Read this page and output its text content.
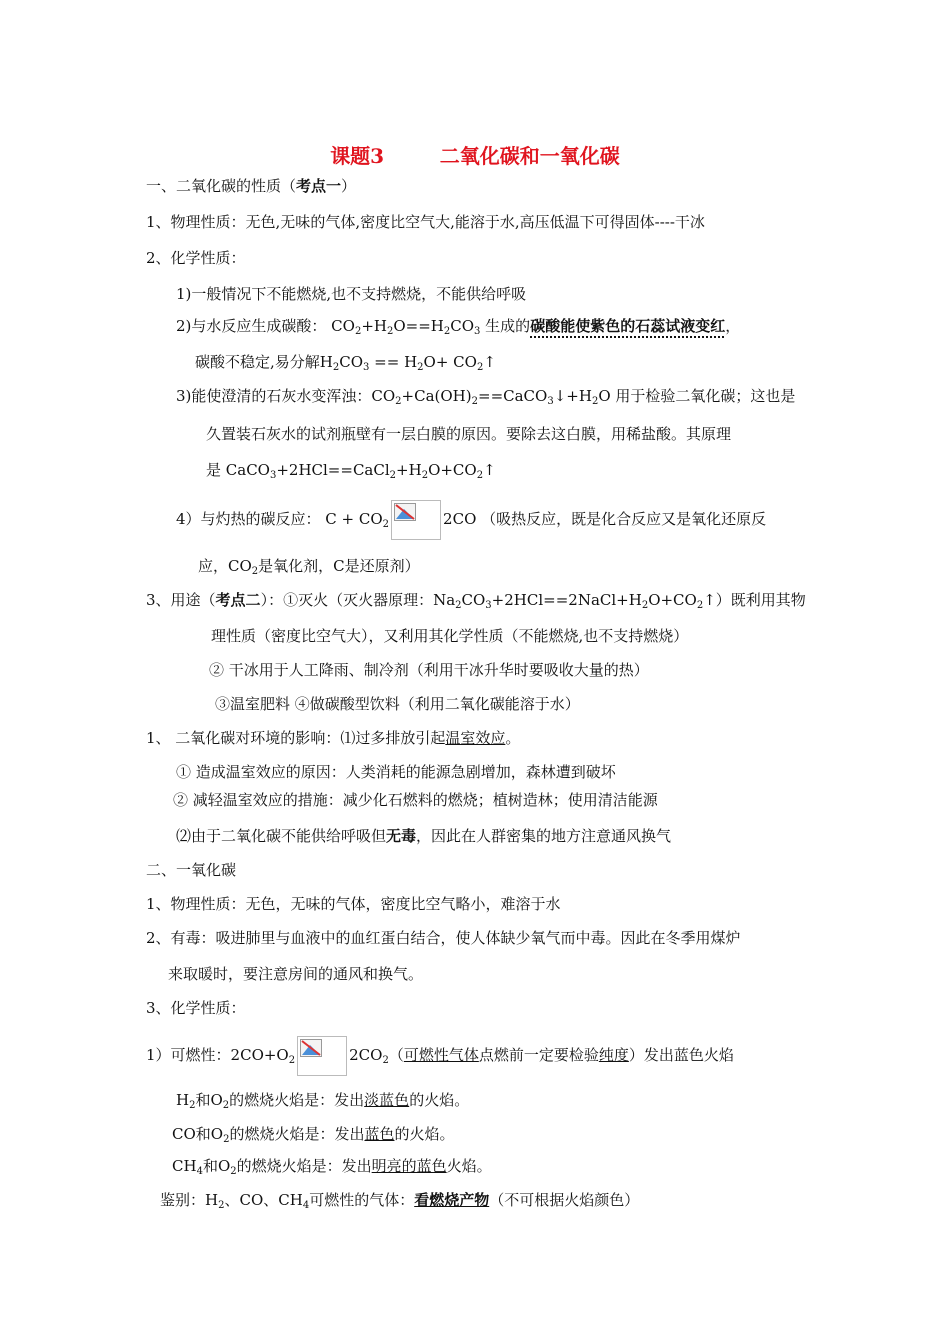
课题3        二氧化碳和一氧化碳
一、二氧化碳的性质（考点一）
1、物理性质：无色,无味的气体,密度比空气大,能溶于水,高压低温下可得固体----干冰
2、化学性质：
1)一般情况下不能燃烧,也不支持燃烧，不能供给呼吸
2)与水反应生成碳酸： $CO_2+H_2O==H_2CO_3$ 生成的碳酸能使紫色的石蕊试液变红，
碳酸不稳定,易分解$H_2CO_3 == H_2O+$ $CO_2↑$
3)能使澄清的石灰水变浑浊：$CO_2+Ca(OH)_2==CaCO_3↓+H_2O$ 用于检验二氧化碳；这也是
久置装石灰水的试剂瓶壁有一层白膜的原因。要除去这白膜，用稀盐酸。其原理
是 $CaCO_3+2HCl==CaCl_2+H_2O+CO_2↑$
4）与灼热的碳反应： $C + CO_2$	2CO （吸热反应，既是化合反应又是氧化还原反
应，$CO_2$是氧化剂，C是还原剂）
3、用途（考点二）：①灭火（灭火器原理：$Na_2CO_3+2HCl==2NaCl+H_2O+CO_2↑$）既利用其物
理性质（密度比空气大），又利用其化学性质（不能燃烧,也不支持燃烧）
② 干冰用于人工降雨、制冷剂（利用干冰升华时要吸收大量的热）
③温室肥料 ④做碳酸型饮料（利用二氧化碳能溶于水）
1、 二氧化碳对环境的影响：⑴过多排放引起温室效应。
① 造成温室效应的原因：人类消耗的能源急剧增加，森林遭到破坏
② 减轻温室效应的措施：减少化石燃料的燃烧；植树造林；使用清洁能源
⑵由于二氧化碳不能供给呼吸但无毒，因此在人群密集的地方注意通风换气
二、一氧化碳
1、物理性质：无色，无味的气体，密度比空气略小，难溶于水
2、有毒：吸进肺里与血液中的血红蛋白结合，使人体缺少氧气而中毒。因此在冬季用煤炉
来取暖时，要注意房间的通风和换气。
3、化学性质：
1）可燃性：$2CO+O_2$	$2CO_2$（可燃性气体点燃前一定要检验纯度）发出蓝色火焰
$H_2$和$O_2$的燃烧火焰是：发出淡蓝色的火焰。
CO和$O_2$的燃烧火焰是：发出蓝色的火焰。
$CH_4$和$O_2$的燃烧火焰是：发出明亮的蓝色火焰。
鉴别：$H_2$、CO、$CH_4$可燃性的气体：看燃烧产物（不可根据火焰颜色）
